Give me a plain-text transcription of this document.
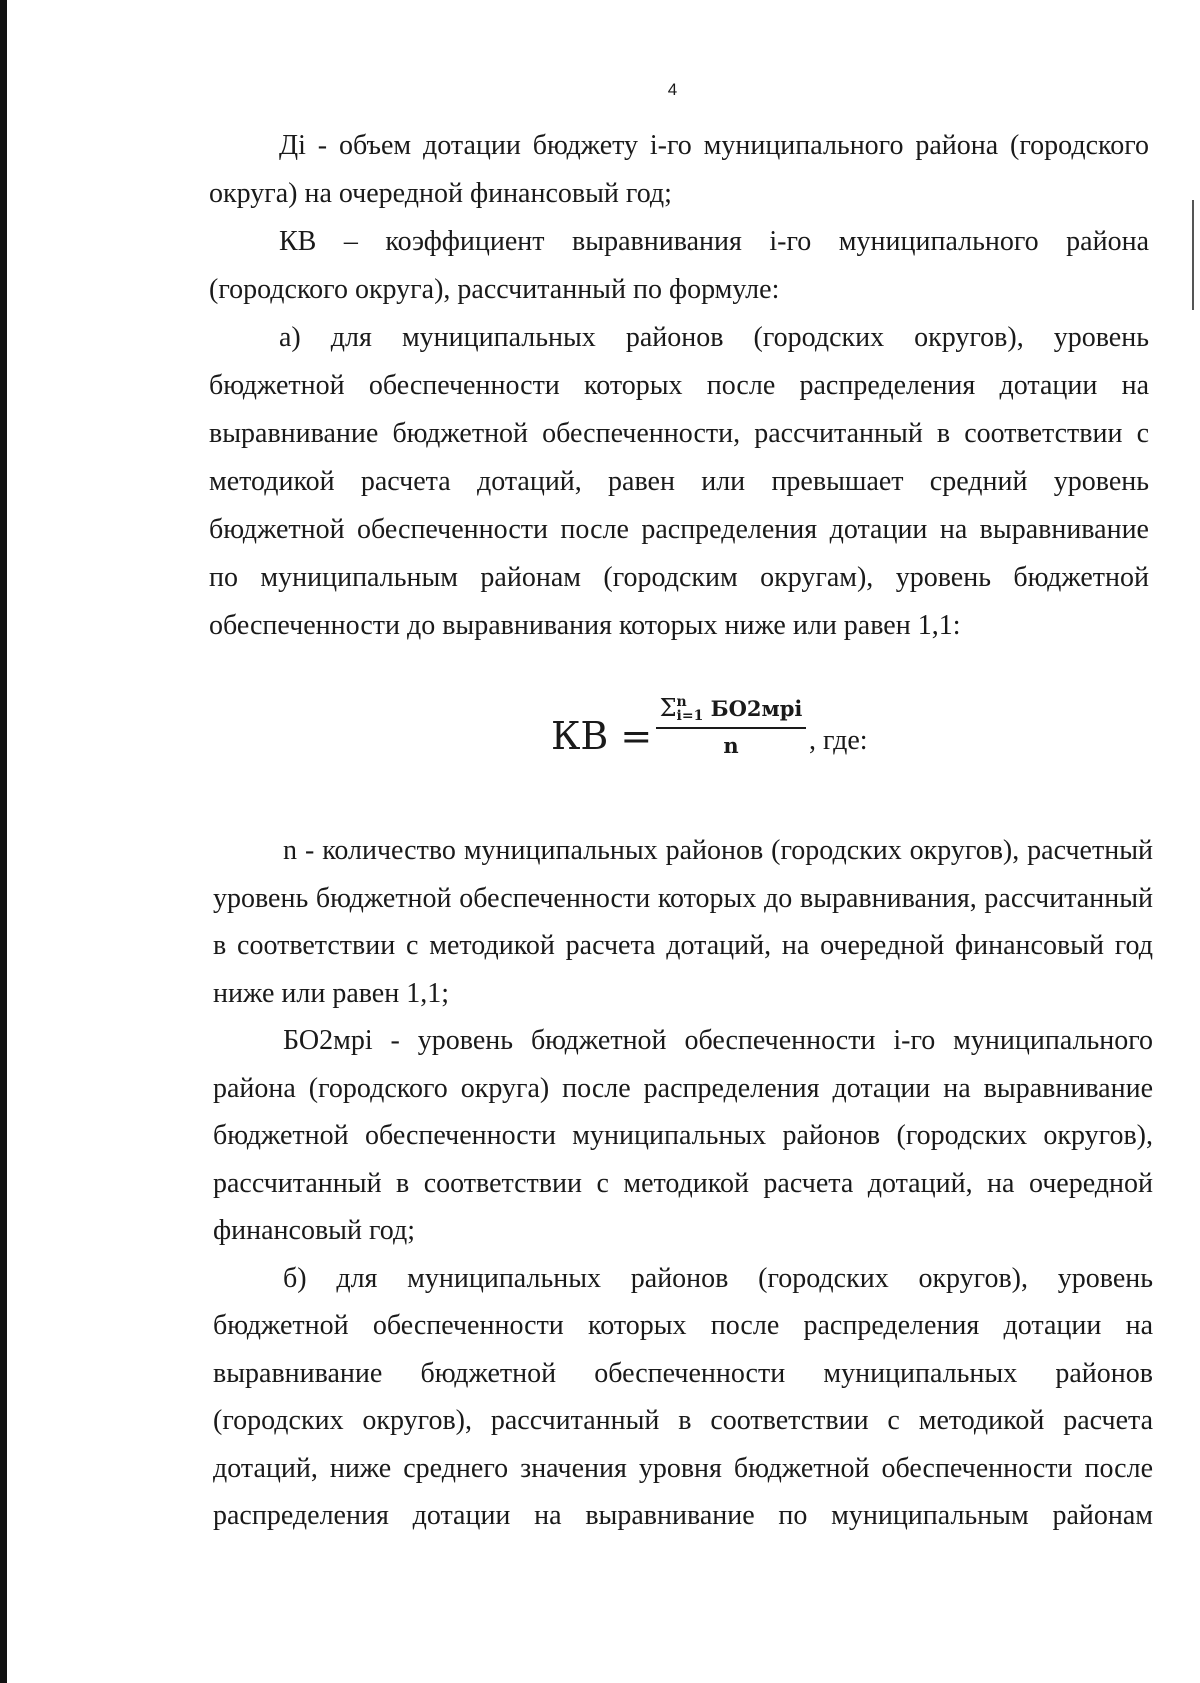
4

Дi - объем дотации бюджету i-го муниципального района (городского округа) на очередной финансовый год;

КВ – коэффициент выравнивания i-го муниципального района (городского округа), рассчитанный по формуле:

а) для муниципальных районов (городских округов), уровень бюджетной обеспеченности которых после распределения дотации на выравнивание бюджетной обеспеченности, рассчитанный в соответствии с методикой расчета дотаций, равен или превышает средний уровень бюджетной обеспеченности после распределения дотации на выравнивание по муниципальным районам (городским округам), уровень бюджетной обеспеченности до выравнивания которых ниже или равен 1,1:

КВ =
Σn
i=1 БО2мрi
n	, где:

n - количество муниципальных районов (городских округов), расчетный уровень бюджетной обеспеченности которых до выравнивания, рассчитанный в соответствии с методикой расчета дотаций, на очередной финансовый год ниже или равен 1,1;

БО2мрi - уровень бюджетной обеспеченности i-го муниципального района (городского округа) после распределения дотации на выравнивание бюджетной обеспеченности муниципальных районов (городских округов), рассчитанный в соответствии с методикой расчета дотаций, на очередной финансовый год;

б) для муниципальных районов (городских округов), уровень бюджетной обеспеченности которых после распределения дотации на выравнивание бюджетной обеспеченности муниципальных районов (городских округов), рассчитанный в соответствии с методикой расчета дотаций, ниже среднего значения уровня бюджетной обеспеченности после распределения дотации на выравнивание по муниципальным районам
